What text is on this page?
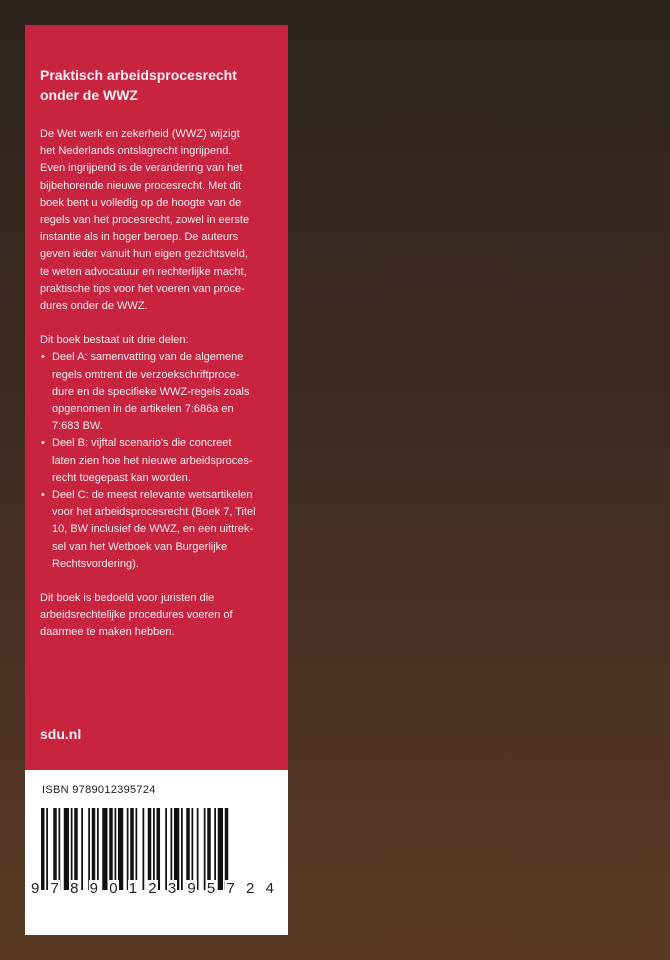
Praktisch arbeidsprocesrecht
onder de WWZ

De Wet werk en zekerheid (WWZ) wijzigt
het Nederlands ontslagrecht ingrijpend.
Even ingrijpend is de verandering van het
bijbehorende nieuwe procesrecht. Met dit
boek bent u volledig op de hoogte van de
regels van het procesrecht, zowel in eerste
instantie als in hoger beroep. De auteurs
geven ieder vanuit hun eigen gezichtsveld,
te weten advocatuur en rechterlijke macht,
praktische tips voor het voeren van proce-
dures onder de WWZ.

Dit boek bestaat uit drie delen:
• Deel A: samenvatting van de algemene
regels omtrent de verzoekschriftproce-
dure en de specifieke WWZ-regels zoals
opgenomen in de artikelen 7:686a en
7:683 BW.
• Deel B: vijftal scenario's die concreet
laten zien hoe het nieuwe arbeidsproces-
recht toegepast kan worden.
• Deel C: de meest relevante wetsartikelen
voor het arbeidsprocesrecht (Boek 7, Titel
10, BW inclusief de WWZ, en een uittrek-
sel van het Wetboek van Burgerlijke
Rechtsvordering).

Dit boek is bedoeld voor juristen die
arbeidsrechtelijke procedures voeren of
daarmee te maken hebben.

sdu.nl
ISBN 9789012395724
9 7 8 9 0 1 2 3 9 5 7 2 4
